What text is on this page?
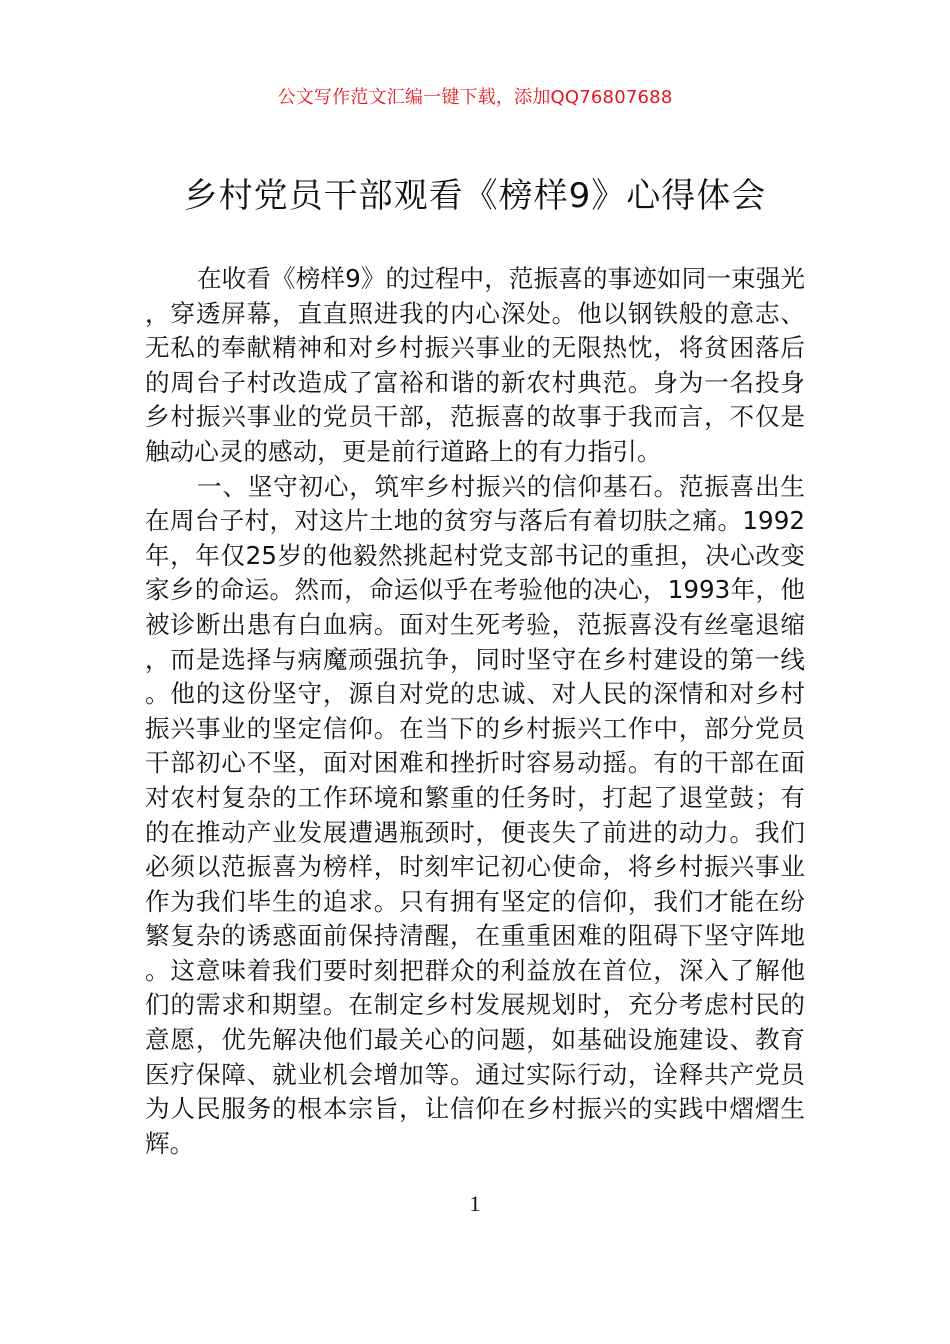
公文写作范文汇编一键下载，添加QQ76807688
乡村党员干部观看《榜样9》心得体会

在收看《榜样9》的过程中，范振喜的事迹如同一束强光，穿透屏幕，直直照进我的内心深处。他以钢铁般的意志、无私的奉献精神和对乡村振兴事业的无限热忱，将贫困落后的周台子村改造成了富裕和谐的新农村典范。身为一名投身乡村振兴事业的党员干部，范振喜的故事于我而言，不仅是触动心灵的感动，更是前行道路上的有力指引。

一、坚守初心，筑牢乡村振兴的信仰基石。范振喜出生在周台子村，对这片土地的贫穷与落后有着切肤之痛。1992年，年仅25岁的他毅然挑起村党支部书记的重担，决心改变家乡的命运。然而，命运似乎在考验他的决心，1993年，他被诊断出患有白血病。面对生死考验，范振喜没有丝毫退缩，而是选择与病魔顽强抗争，同时坚守在乡村建设的第一线。他的这份坚守，源自对党的忠诚、对人民的深情和对乡村振兴事业的坚定信仰。在当下的乡村振兴工作中，部分党员干部初心不坚，面对困难和挫折时容易动摇。有的干部在面对农村复杂的工作环境和繁重的任务时，打起了退堂鼓；有的在推动产业发展遭遇瓶颈时，便丧失了前进的动力。我们必须以范振喜为榜样，时刻牢记初心使命，将乡村振兴事业作为我们毕生的追求。只有拥有坚定的信仰，我们才能在纷繁复杂的诱惑面前保持清醒，在重重困难的阻碍下坚守阵地。这意味着我们要时刻把群众的利益放在首位，深入了解他们的需求和期望。在制定乡村发展规划时，充分考虑村民的意愿，优先解决他们最关心的问题，如基础设施建设、教育医疗保障、就业机会增加等。通过实际行动，诠释共产党员为人民服务的根本宗旨，让信仰在乡村振兴的实践中熠熠生辉。

1
